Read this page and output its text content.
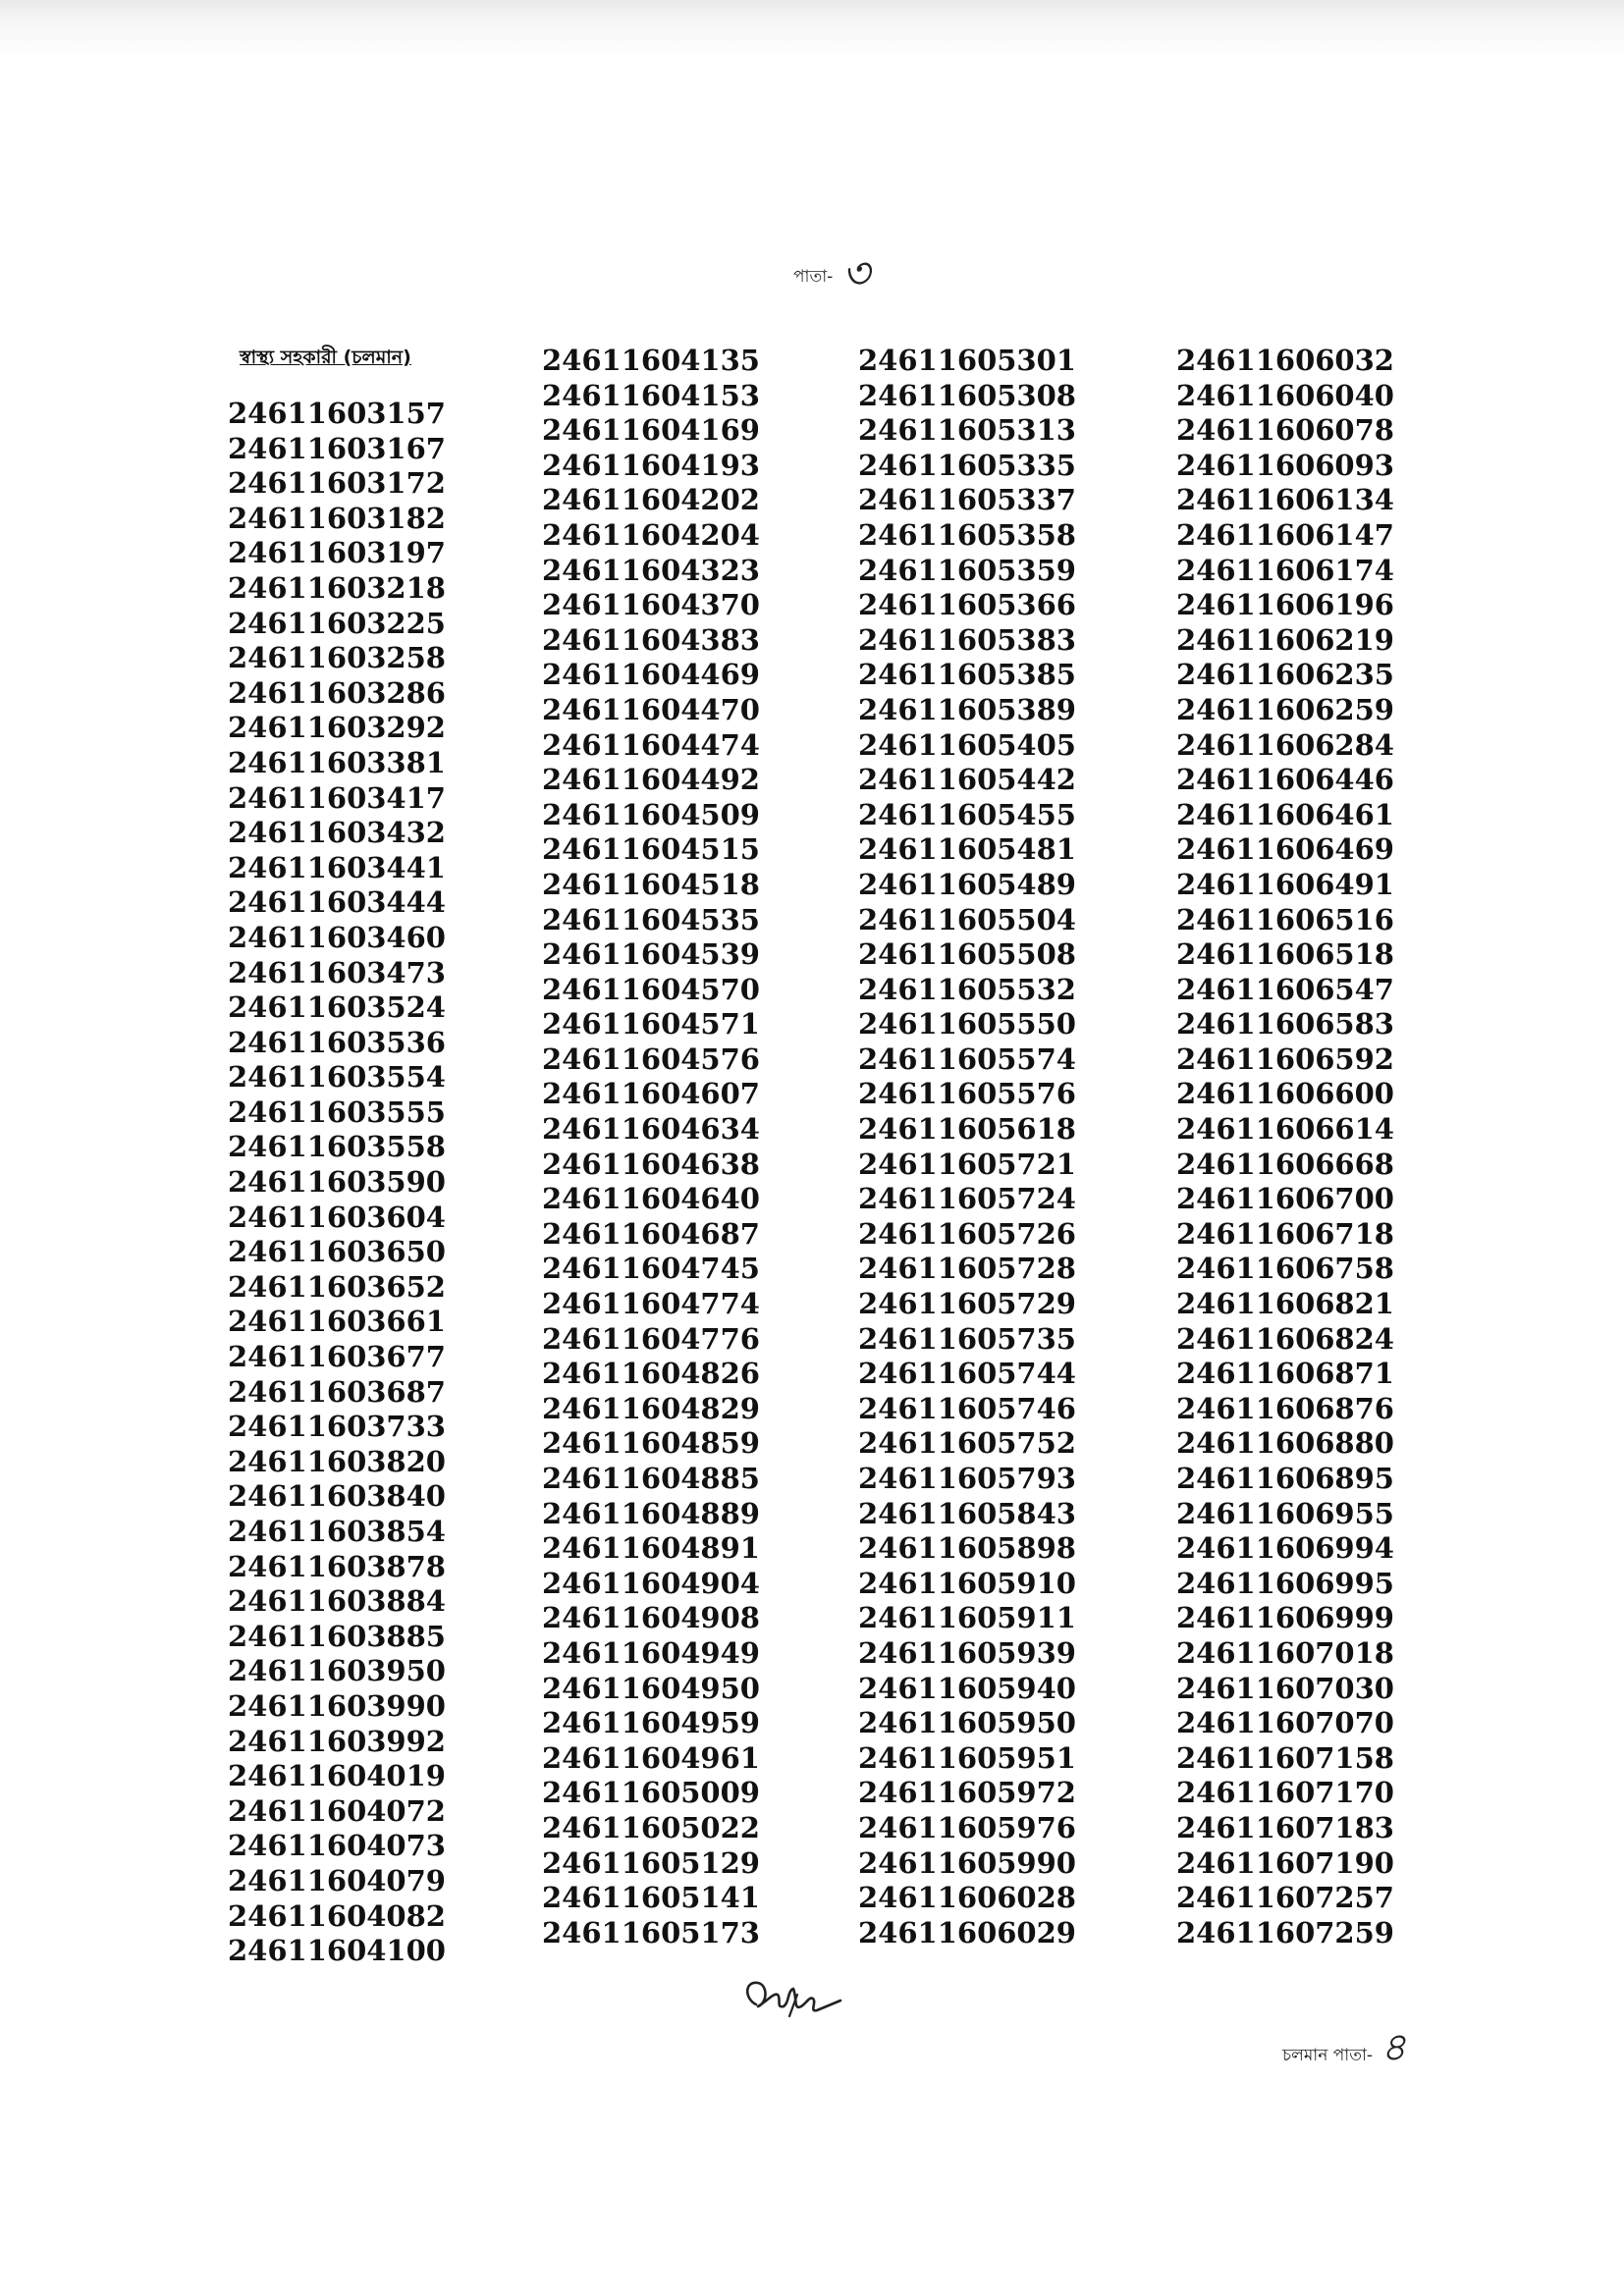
পাতা- ৩
স্বাস্থ্য সহকারী (চলমান)
24611603157
24611603167
24611603172
24611603182
24611603197
24611603218
24611603225
24611603258
24611603286
24611603292
24611603381
24611603417
24611603432
24611603441
24611603444
24611603460
24611603473
24611603524
24611603536
24611603554
24611603555
24611603558
24611603590
24611603604
24611603650
24611603652
24611603661
24611603677
24611603687
24611603733
24611603820
24611603840
24611603854
24611603878
24611603884
24611603885
24611603950
24611603990
24611603992
24611604019
24611604072
24611604073
24611604079
24611604082
24611604100
24611604135
24611604153
24611604169
24611604193
24611604202
24611604204
24611604323
24611604370
24611604383
24611604469
24611604470
24611604474
24611604492
24611604509
24611604515
24611604518
24611604535
24611604539
24611604570
24611604571
24611604576
24611604607
24611604634
24611604638
24611604640
24611604687
24611604745
24611604774
24611604776
24611604826
24611604829
24611604859
24611604885
24611604889
24611604891
24611604904
24611604908
24611604949
24611604950
24611604959
24611604961
24611605009
24611605022
24611605129
24611605141
24611605173
24611605301
24611605308
24611605313
24611605335
24611605337
24611605358
24611605359
24611605366
24611605383
24611605385
24611605389
24611605405
24611605442
24611605455
24611605481
24611605489
24611605504
24611605508
24611605532
24611605550
24611605574
24611605576
24611605618
24611605721
24611605724
24611605726
24611605728
24611605729
24611605735
24611605744
24611605746
24611605752
24611605793
24611605843
24611605898
24611605910
24611605911
24611605939
24611605940
24611605950
24611605951
24611605972
24611605976
24611605990
24611606028
24611606029
24611606032
24611606040
24611606078
24611606093
24611606134
24611606147
24611606174
24611606196
24611606219
24611606235
24611606259
24611606284
24611606446
24611606461
24611606469
24611606491
24611606516
24611606518
24611606547
24611606583
24611606592
24611606600
24611606614
24611606668
24611606700
24611606718
24611606758
24611606821
24611606824
24611606871
24611606876
24611606880
24611606895
24611606955
24611606994
24611606995
24611606999
24611607018
24611607030
24611607070
24611607158
24611607170
24611607183
24611607190
24611607257
24611607259
চলমান পাতা- ৪
